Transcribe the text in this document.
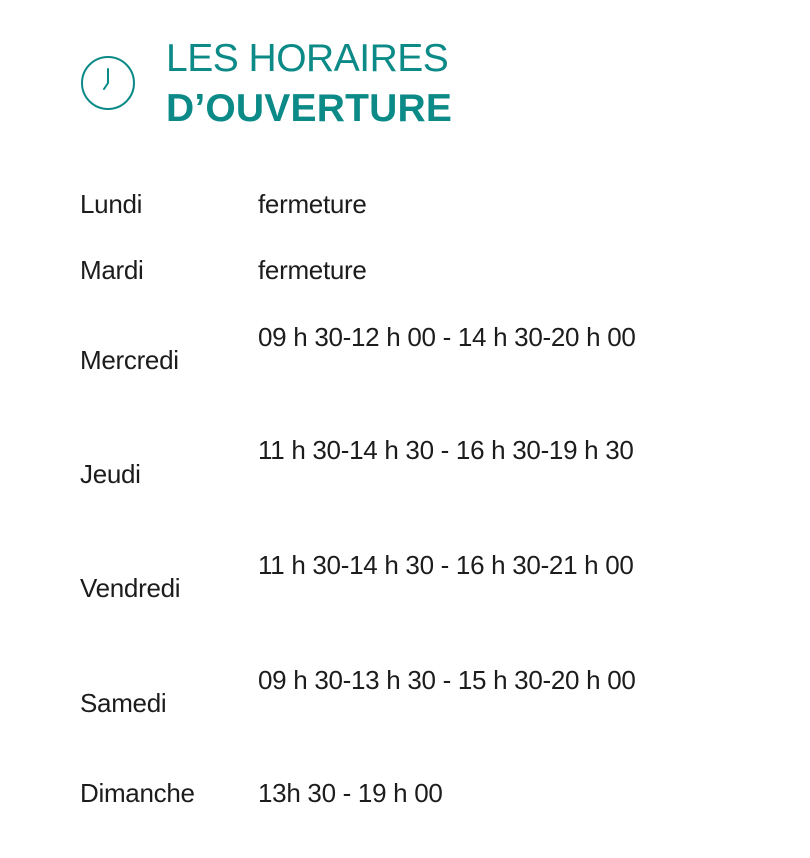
LES HORAIRES
D’OUVERTURE
Lundi	fermeture
Mardi	fermeture
Mercredi
09 h 30-12 h 00 - 14 h 30-20 h 00
Jeudi
11 h 30-14 h 30 - 16 h 30-19 h 30
Vendredi
11 h 30-14 h 30 - 16 h 30-21 h 00
Samedi
09 h 30-13 h 30 - 15 h 30-20 h 00
Dimanche 13h 30 - 19 h 00
